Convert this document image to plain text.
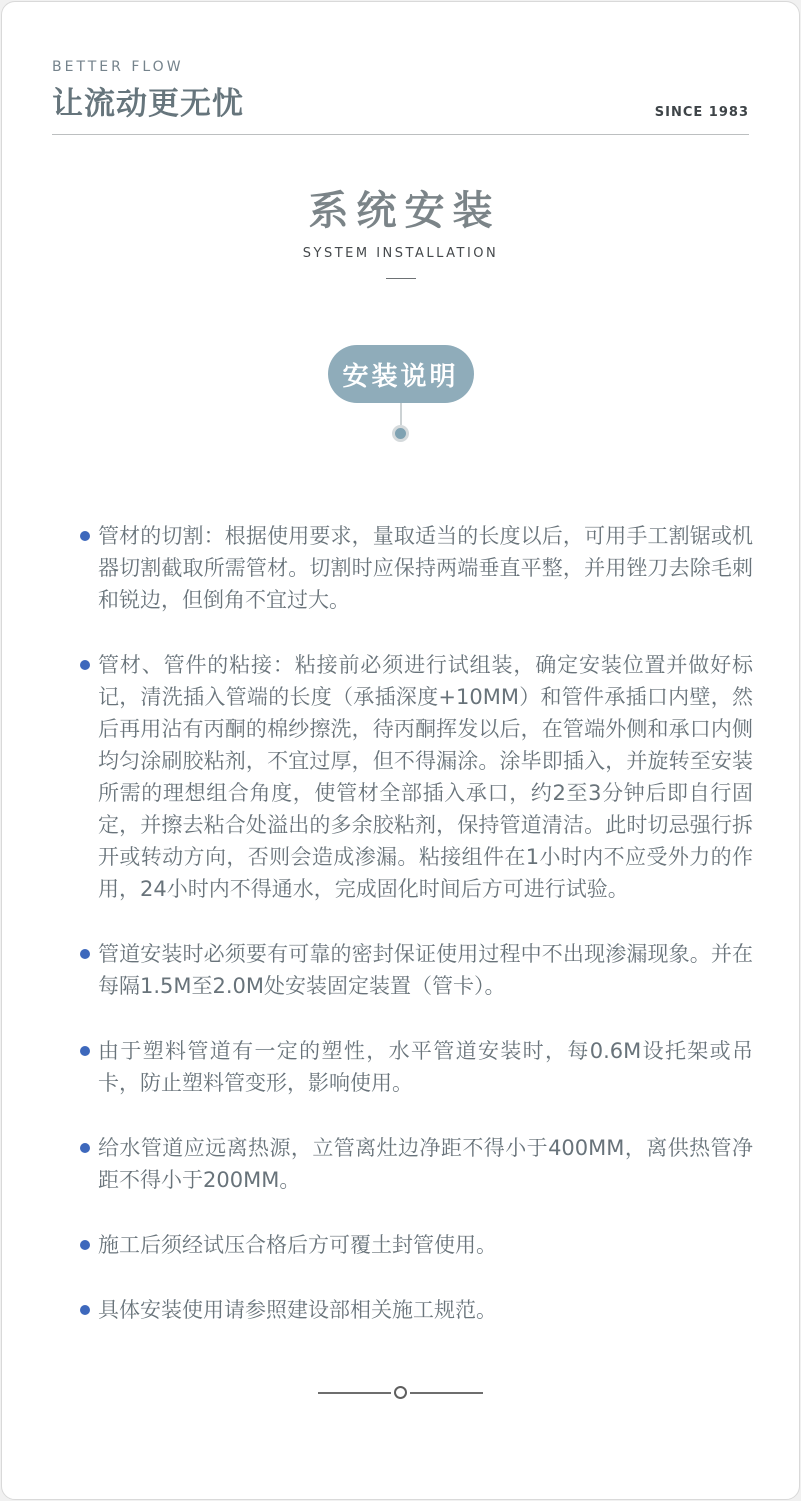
BETTER FLOW
让流动更无忧	SINCE 1983
系统安装
SYSTEM INSTALLATION
安装说明
管材的切割：根据使用要求，量取适当的长度以后，可用手工割锯或机器切割截取所需管材。切割时应保持两端垂直平整，并用锉刀去除毛刺和锐边，但倒角不宜过大。
管材、管件的粘接：粘接前必须进行试组装，确定安装位置并做好标记，清洗插入管端的长度（承插深度+10MM）和管件承插口内壁，然后再用沾有丙酮的棉纱擦洗，待丙酮挥发以后，在管端外侧和承口内侧均匀涂刷胶粘剂，不宜过厚，但不得漏涂。涂毕即插入，并旋转至安装所需的理想组合角度，使管材全部插入承口，约2至3分钟后即自行固定，并擦去粘合处溢出的多余胶粘剂，保持管道清洁。此时切忌强行拆开或转动方向，否则会造成渗漏。粘接组件在1小时内不应受外力的作用，24小时内不得通水，完成固化时间后方可进行试验。
管道安装时必须要有可靠的密封保证使用过程中不出现渗漏现象。并在每隔1.5M至2.0M处安装固定装置（管卡）。
由于塑料管道有一定的塑性，水平管道安装时，每0.6M设托架或吊卡，防止塑料管变形，影响使用。
给水管道应远离热源，立管离灶边净距不得小于400MM，离供热管净距不得小于200MM。
施工后须经试压合格后方可覆土封管使用。
具体安装使用请参照建设部相关施工规范。
